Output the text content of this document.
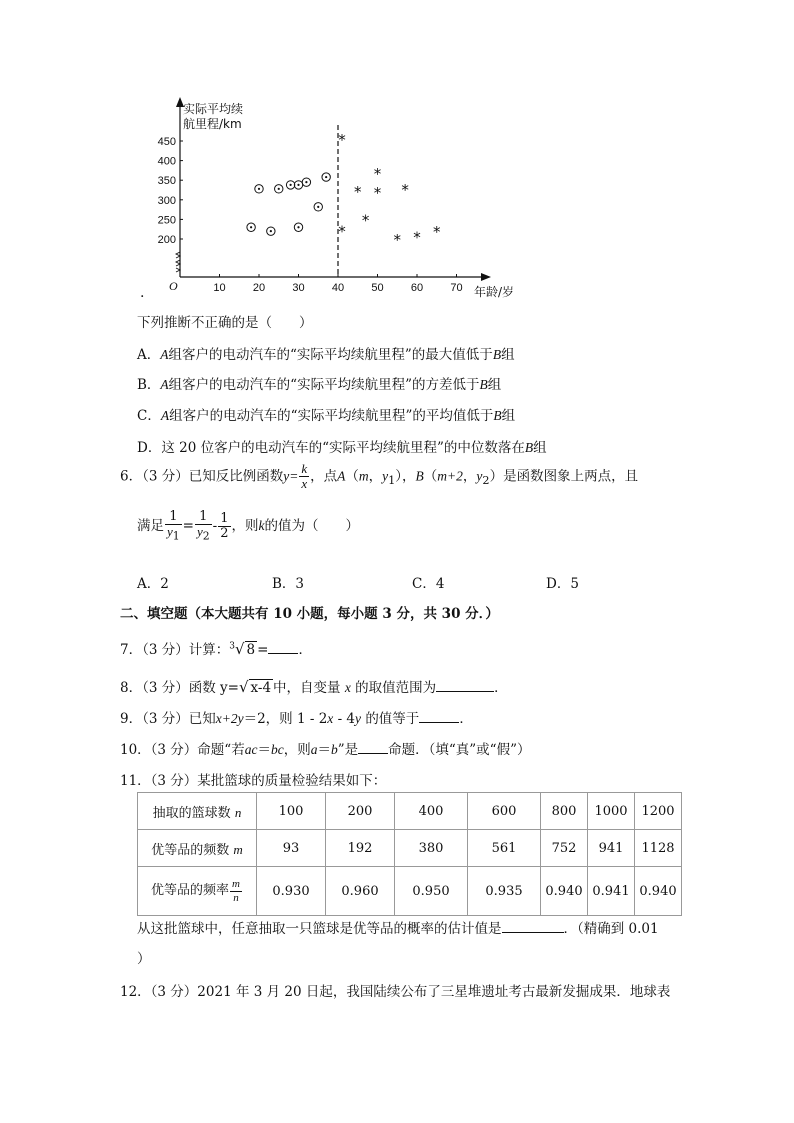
10 20 30 40 50 60 70
200
250
300
350
400
450	*
*
*
*
*
*
*
*
* *
实际平均续
航里程/km
年龄/岁
O
.
下列推断不正确的是（　　）
A．A组客户的电动汽车的“实际平均续航里程”的最大值低于B组
B．A组客户的电动汽车的“实际平均续航里程”的方差低于B组
C．A组客户的电动汽车的“实际平均续航里程”的平均值低于B组
D．这 20 位客户的电动汽车的“实际平均续航里程”的中位数落在B组
6．（3 分）已知反比例函数$y= \frac{k}{x}$ ，点A（m，$y_1$），B（m+2，$y_2$）是函数图象上两点，且
满足 $\frac{1}{y_1} = \frac{1}{y_2} - \frac{1}{2}$ ，则k的值为（　　）
A．2	B．3	C．4	D．5
二、填空题（本大题共有 10 小题，每小题 3 分，共 30 分．）
7．（3 分）计算：$^3$√ 8 = ．
8．（3 分）函数 y=√ x-4 中，自变量 x 的取值范围为	．
9．（3 分）已知x+2y＝2，则 1 - 2x - 4y 的值等于	．
10．（3 分）命题“若ac＝bc，则a＝b”是 命题．（填“真”或“假”）
11．（3 分）某批篮球的质量检验结果如下：
抽取的篮球数 n	100	200	400	600	800	1000	1200
优等品的频数 m	93	192	380	561	752	941	1128
优等品的频率 $\frac{m}{n}$	0.930	0.960	0.950	0.935	0.940	0.941	0.940
从这批篮球中，任意抽取一只篮球是优等品的概率的估计值是	．（精确到 0.01
）
12．（3 分）2021 年 3 月 20 日起，我国陆续公布了三星堆遗址考古最新发掘成果．地球表
